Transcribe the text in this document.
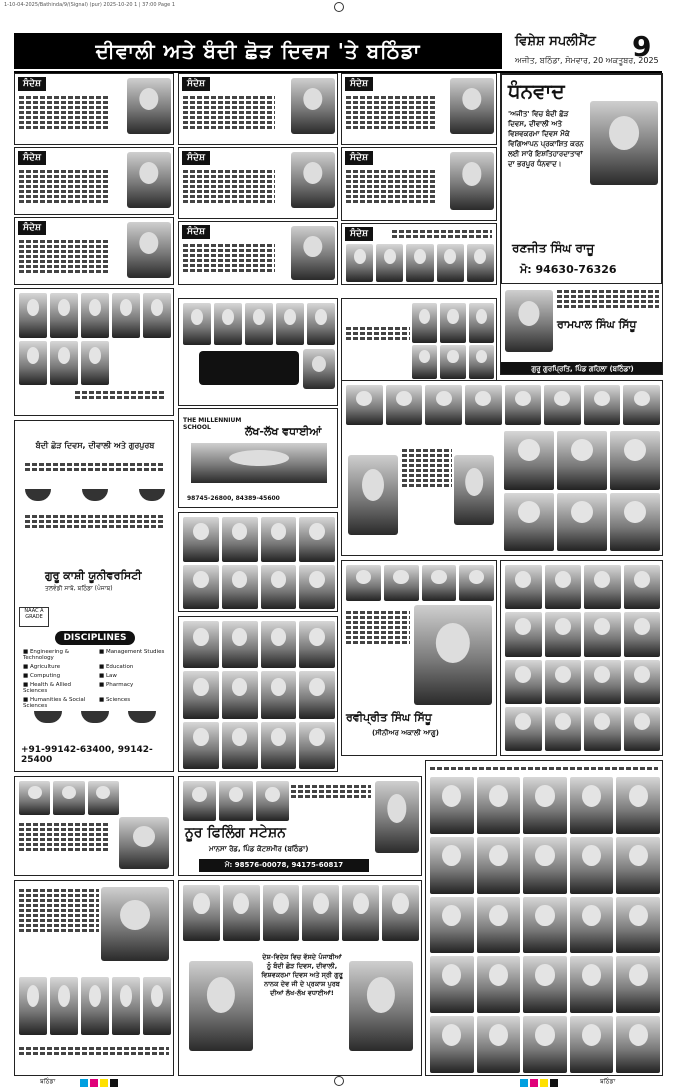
1-10-04-2025/Bathinda/9/(Signal) (pur) 2025-10-20 1 | 37:00 Page 1
ਦੀਵਾਲੀ ਅਤੇ ਬੰਦੀ ਛੋੜ ਦਿਵਸ 'ਤੇ ਬਠਿੰਡਾ	ਵਿਸ਼ੇਸ਼ ਸਪਲੀਮੈਂਟ 9
ਅਜੀਤ, ਬਠਿੰਡਾ, ਸੋਮਵਾਰ, 20 ਅਕਤੂਬਰ, 2025
ਸੰਦੇਸ਼
ਸੰਦੇਸ਼
ਸੰਦੇਸ਼
ਸੰਦੇਸ਼
ਸੰਦੇਸ਼
ਸੰਦੇਸ਼
ਸੰਦੇਸ਼
ਸੰਦੇਸ਼
ਸੰਦੇਸ਼
ਧੰਨਵਾਦ
'ਅਜੀਤ' ਵਿਚ ਬੰਦੀ ਛੋੜ ਦਿਵਸ, ਦੀਵਾਲੀ ਅਤੇ ਵਿਸ਼ਵਕਰਮਾ ਦਿਵਸ ਮੌਕੇ ਵਿਗਿਆਪਨ ਪ੍ਰਕਾਸ਼ਿਤ ਕਰਨ ਲਈ ਸਾਰੇ ਇਸ਼ਤਿਹਾਰਦਾਤਾਵਾਂ ਦਾ ਭਰਪੂਰ ਧੰਨਵਾਦ।
ਰਣਜੀਤ ਸਿੰਘ ਰਾਜੂ
ਮੋ: 94630-76326
ਰਾਮਪਾਲ ਸਿੰਘ ਸਿੱਧੂ
ਗੁਰੂ ਗੁਰਪ੍ਰਿਤਿ, ਪਿੰਡ ਗਹਿਲਾ (ਬਠਿੰਡਾ)
ਬੰਦੀ ਛੋੜ ਦਿਵਸ, ਦੀਵਾਲੀ ਅਤੇ ਗੁਰਪੁਰਬ
ਗੁਰੂ ਕਾਸ਼ੀ ਯੂਨੀਵਰਸਿਟੀ
ਤਲਵੰਡੀ ਸਾਬੋ, ਬਠਿੰਡਾ (ਪੰਜਾਬ)
NAAC A GRADE
DISCIPLINES
■ Engineering & Technology
■ Management Studies
■ Agriculture	■ Education
■ Computing	■ Law
■ Health & Allied Sciences
■ Pharmacy
■ Humanities & Social Sciences
■ Sciences
+91-99142-63400, 99142-25400
THE MILLENNIUM SCHOOL	ਲੱਖ-ਲੱਖ ਵਧਾਈਆਂ
98745-26800, 84389-45600
ਰਵੀਪ੍ਰੀਤ ਸਿੰਘ ਸਿੱਧੂ
(ਸੀਨੀਅਰ ਅਕਾਲੀ ਆਗੂ)
ਨੂਰ ਫਿਲਿੰਗ ਸਟੇਸ਼ਨ
ਮਾਨਸਾ ਰੋਡ, ਪਿੰਡ ਕੋਟਸ਼ਮੀਰ (ਬਠਿੰਡਾ)
ਮੋ: 98576-00078, 94175-60817
ਦੇਸ਼-ਵਿਦੇਸ਼ ਵਿਚ ਵੱਸਦੇ ਪੰਜਾਬੀਆਂ ਨੂੰ ਬੰਦੀ ਛੋੜ ਦਿਵਸ, ਦੀਵਾਲੀ, ਵਿਸ਼ਵਕਰਮਾ ਦਿਵਸ ਅਤੇ ਸ੍ਰੀ ਗੁਰੂ ਨਾਨਕ ਦੇਵ ਜੀ ਦੇ ਪ੍ਰਕਾਸ਼ ਪੁਰਬ ਦੀਆਂ ਲੱਖ-ਲੱਖ ਵਧਾਈਆਂ!
ਬਠਿੰਡਾ	ਬਠਿੰਡਾ
